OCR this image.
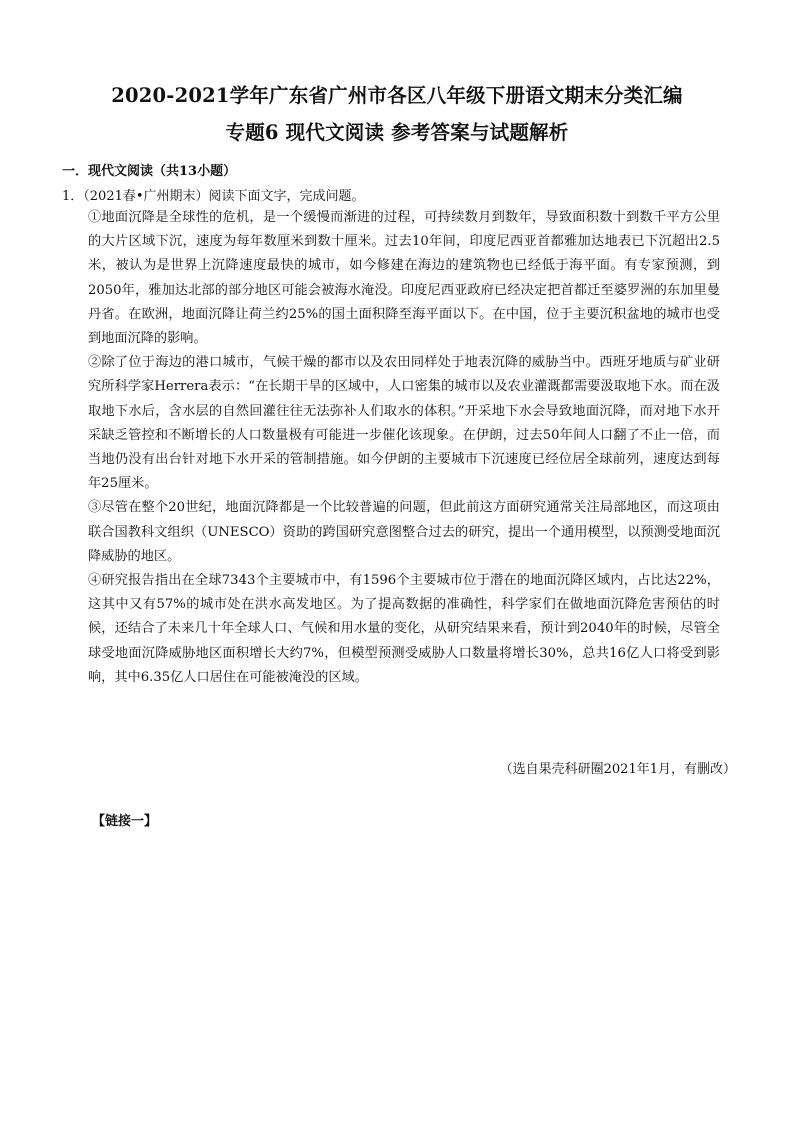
2020-2021学年广东省广州市各区八年级下册语文期末分类汇编
专题6 现代文阅读 参考答案与试题解析
一．现代文阅读（共13小题）
1．（2021春•广州期末）阅读下面文字，完成问题。

①地面沉降是全球性的危机，是一个缓慢而渐进的过程，可持续数月到数年，导致面积数十到数千平方公里的大片区域下沉，速度为每年数厘米到数十厘米。过去10年间，印度尼西亚首都雅加达地表已下沉超出2.5米，被认为是世界上沉降速度最快的城市，如今修建在海边的建筑物也已经低于海平面。有专家预测，到2050年，雅加达北部的部分地区可能会被海水淹没。印度尼西亚政府已经决定把首都迁至婆罗洲的东加里曼丹省。在欧洲，地面沉降让荷兰约25%的国土面积降至海平面以下。在中国，位于主要沉积盆地的城市也受到地面沉降的影响。

②除了位于海边的港口城市，气候干燥的都市以及农田同样处于地表沉降的威胁当中。西班牙地质与矿业研究所科学家Herrera表示：“在长期干旱的区域中，人口密集的城市以及农业灌溉都需要汲取地下水。而在汲取地下水后，含水层的自然回灌往往无法弥补人们取水的体积。”开采地下水会导致地面沉降，而对地下水开采缺乏管控和不断增长的人口数量极有可能进一步催化该现象。在伊朗，过去50年间人口翻了不止一倍，而当地仍没有出台针对地下水开采的管制措施。如今伊朗的主要城市下沉速度已经位居全球前列，速度达到每年25厘米。

③尽管在整个20世纪，地面沉降都是一个比较普遍的问题，但此前这方面研究通常关注局部地区，而这项由联合国教科文组织（UNESCO）资助的跨国研究意图整合过去的研究，提出一个通用模型，以预测受地面沉降威胁的地区。

④研究报告指出在全球7343个主要城市中，有1596个主要城市位于潜在的地面沉降区域内，占比达22%，这其中又有57%的城市处在洪水高发地区。为了提高数据的准确性，科学家们在做地面沉降危害预估的时候，还结合了未来几十年全球人口、气候和用水量的变化，从研究结果来看，预计到2040年的时候，尽管全球受地面沉降威胁地区面积增长大约7%，但模型预测受威胁人口数量将增长30%，总共16亿人口将受到影响，其中6.35亿人口居住在可能被淹没的区域。

（选自果壳科研圈2021年1月，有删改）
【链接一】
